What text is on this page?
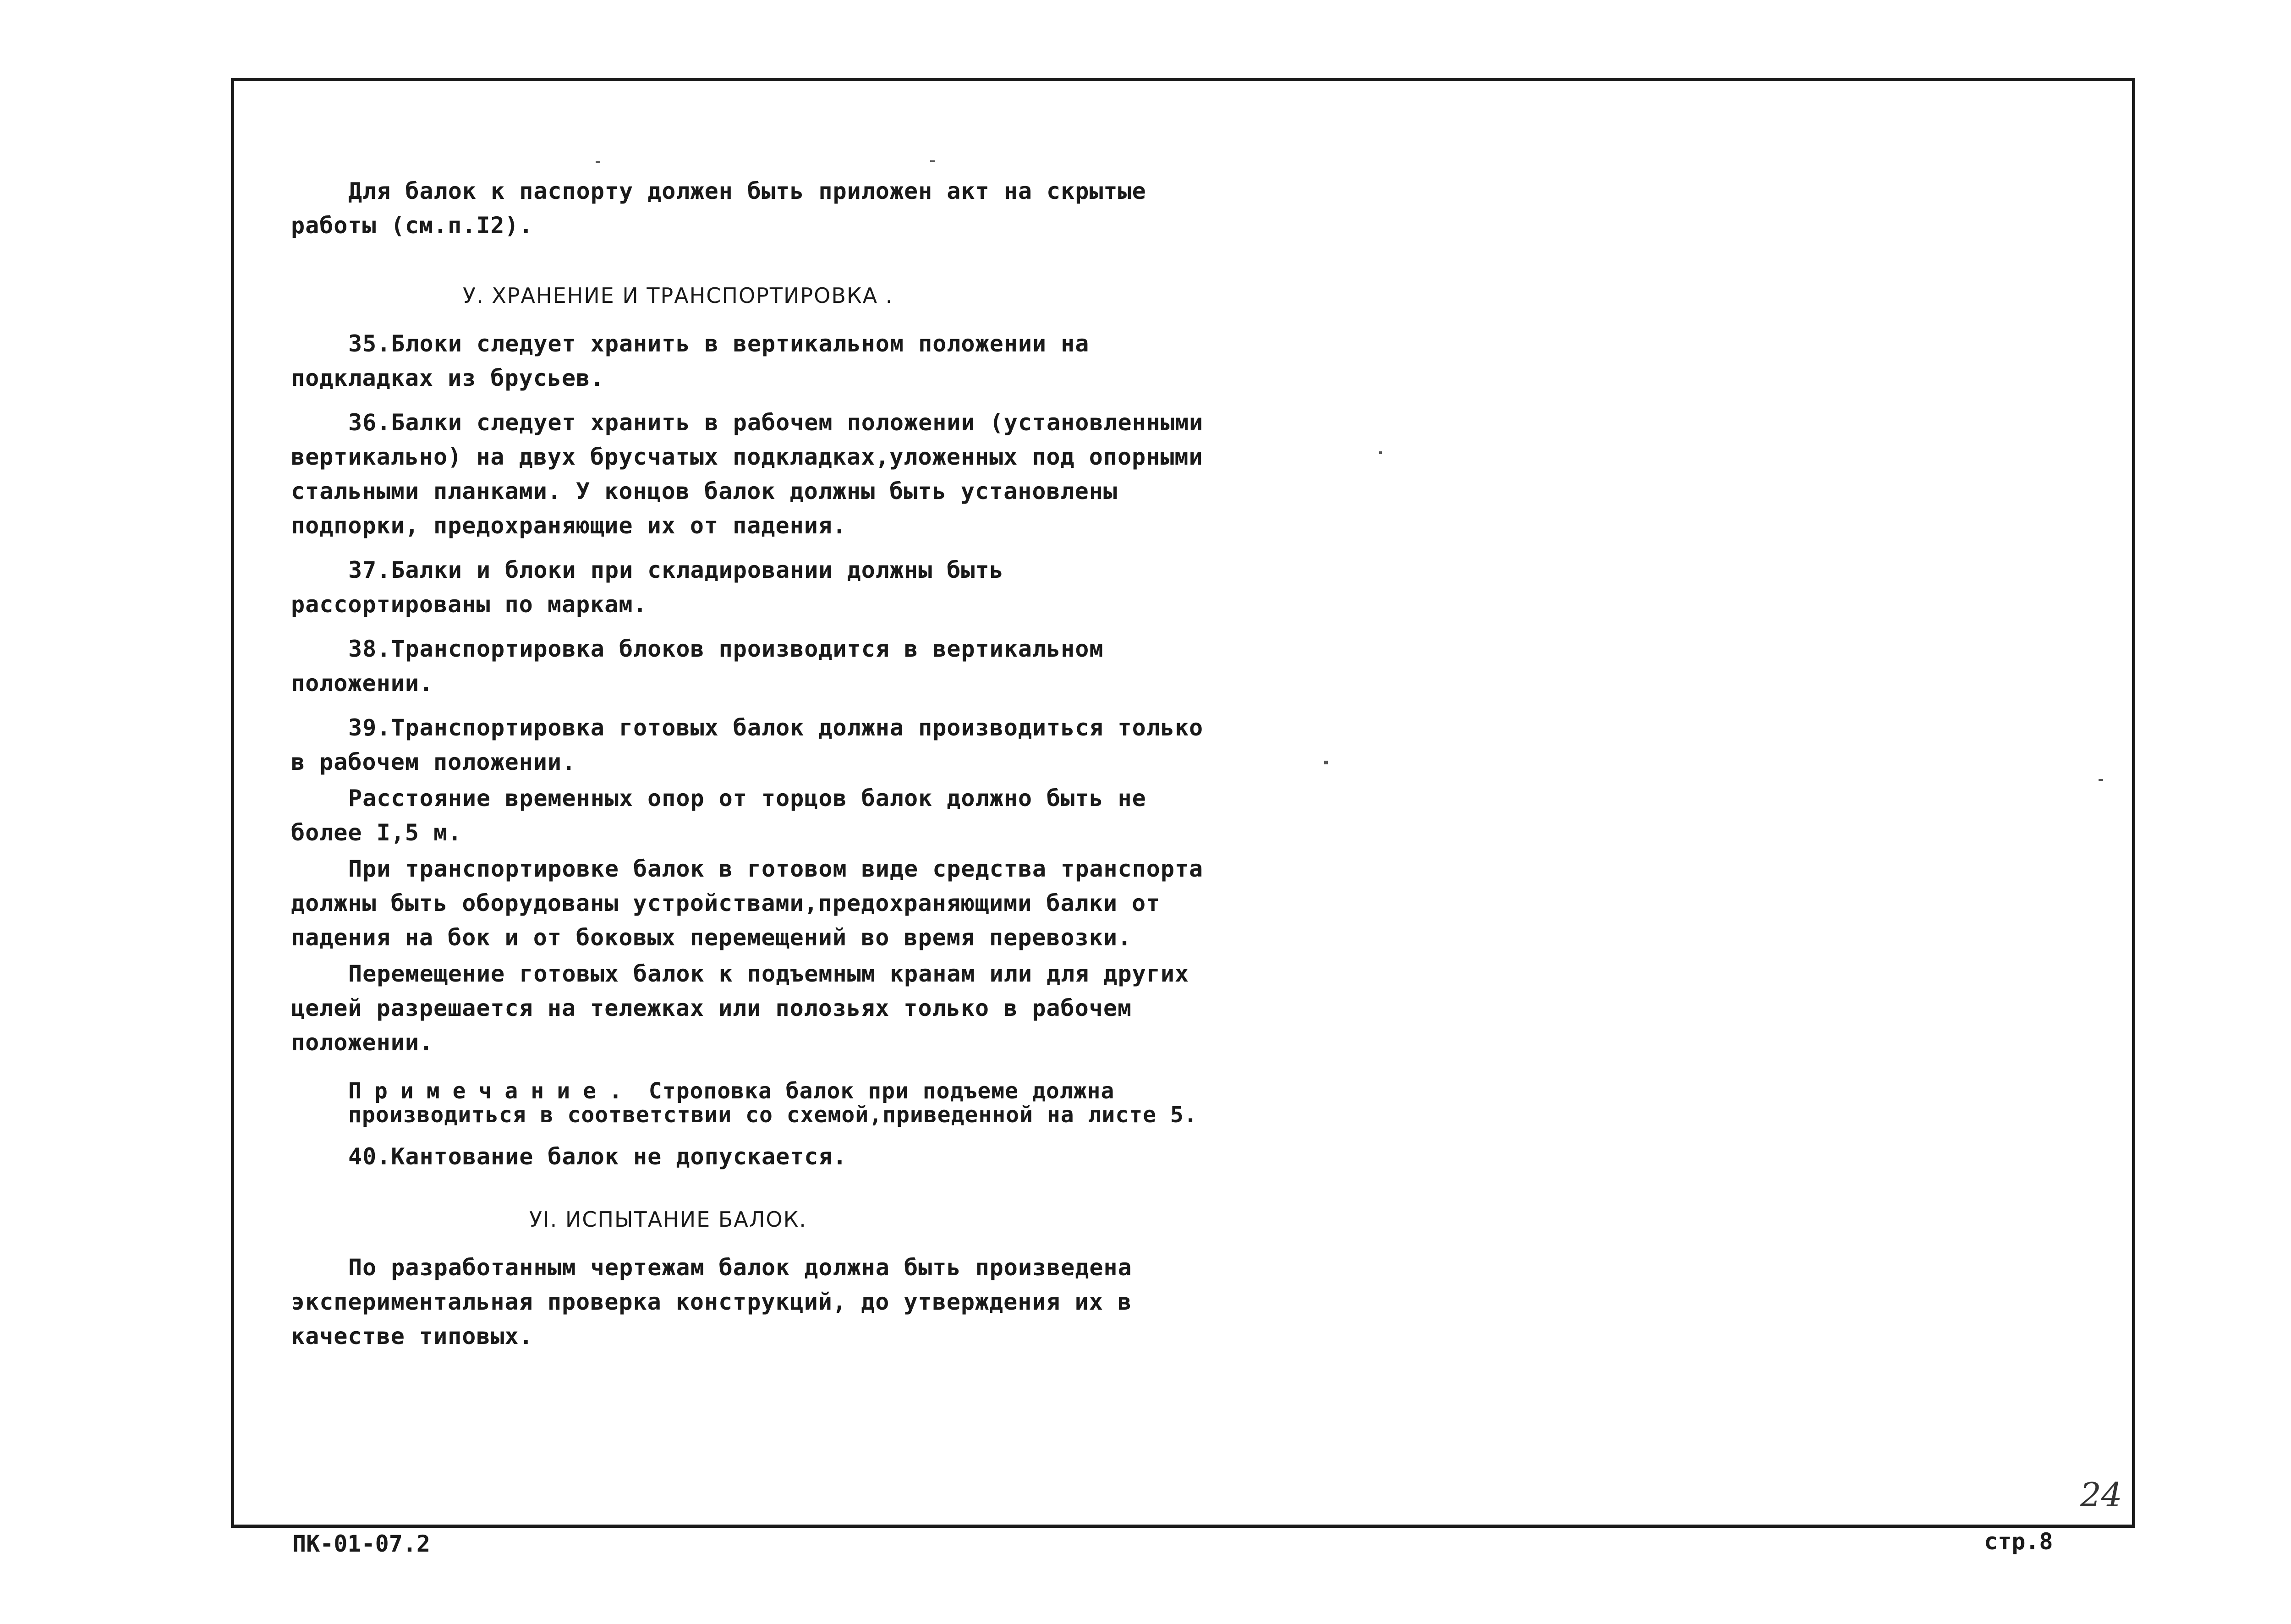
Для балок к паспорту должен быть приложен акт на скрытые работы (см.п.I2).

У. ХРАНЕНИЕ И ТРАНСПОРТИРОВКА .

35.Блоки следует хранить в вертикальном положении на подкладках из брусьев.

36.Балки следует хранить в рабочем положении (установленными вертикально) на двух брусчатых подкладках,уложенных под опорными стальными планками. У концов балок должны быть установлены подпорки, предохраняющие их от падения.

37.Балки и блоки при складировании должны быть рассортированы по маркам.

38.Транспортировка блоков производится в вертикальном положении.

39.Транспортировка готовых балок должна производиться только в рабочем положении.

Расстояние временных опор от торцов балок должно быть не более I,5 м.

При транспортировке балок в готовом виде средства транспорта должны быть оборудованы устройствами,предохраняющими балки от падения на бок и от боковых перемещений во время перевозки.

Перемещение готовых балок к подъемным кранам или для других целей разрешается на тележках или полозьях только в рабочем положении.

Примечание. Строповка балок при подъеме должна производиться в соответствии со схемой,приведенной на листе 5.

40.Кантование балок не допускается.

УI. ИСПЫТАНИЕ БАЛОК.

По разработанным чертежам балок должна быть произведена экспериментальная проверка конструкций, до утверждения их в качестве типовых.

24
ПК-01-07.2	стр.8
